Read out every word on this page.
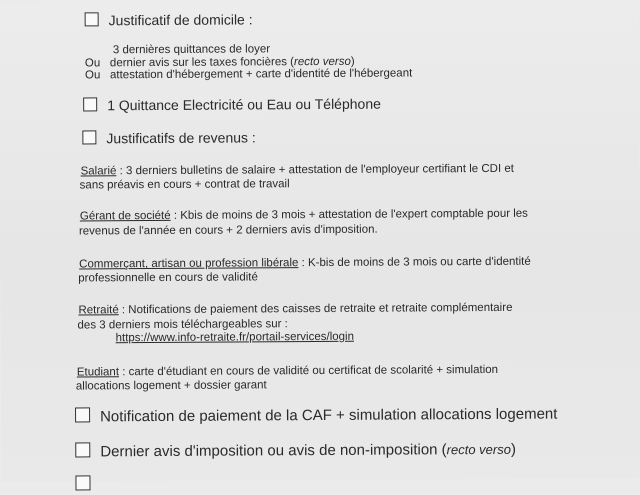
Justificatif de domicile :
3 dernières quittances de loyer
Ou dernier avis sur les taxes foncières (recto verso)
Ou attestation d'hébergement + carte d'identité de l'hébergeant
1 Quittance Electricité ou Eau ou Téléphone
Justificatifs de revenus :
Salarié : 3 derniers bulletins de salaire + attestation de l'employeur certifiant le CDI et
sans préavis en cours + contrat de travail
Gérant de société : Kbis de moins de 3 mois + attestation de l'expert comptable pour les
revenus de l'année en cours + 2 derniers avis d'imposition.
Commerçant, artisan ou profession libérale : K-bis de moins de 3 mois ou carte d'identité
professionnelle en cours de validité
Retraité : Notifications de paiement des caisses de retraite et retraite complémentaire
des 3 derniers mois téléchargeables sur :
https://www.info-retraite.fr/portail-services/login
Etudiant : carte d'étudiant en cours de validité ou certificat de scolarité + simulation
allocations logement + dossier garant
Notification de paiement de la CAF + simulation allocations logement
Dernier avis d'imposition ou avis de non-imposition (recto verso)
